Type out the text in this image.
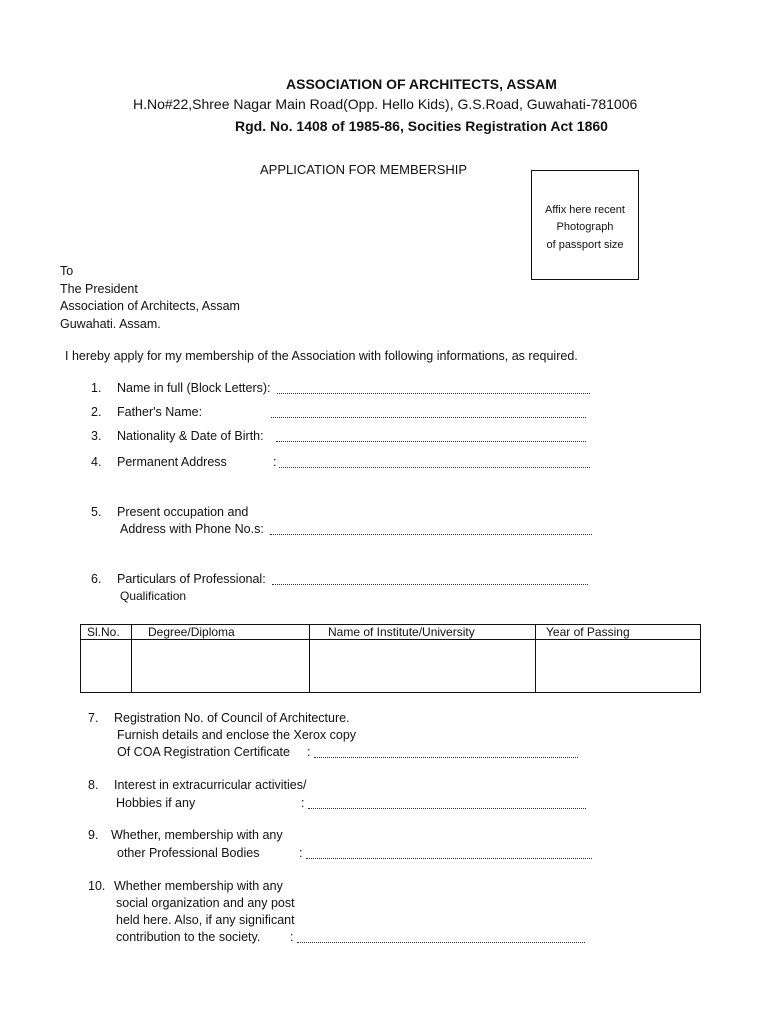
ASSOCIATION OF ARCHITECTS, ASSAM
H.No#22,Shree Nagar Main Road(Opp. Hello Kids), G.S.Road, Guwahati-781006
Rgd. No. 1408 of 1985-86, Socities Registration Act 1860
APPLICATION FOR MEMBERSHIP
Affix here recent
Photograph
of passport size
To
The President
Association of Architects, Assam
Guwahati. Assam.
I hereby apply for my membership of the Association with following informations, as required.
1. Name in full (Block Letters):
2. Father's Name:
3. Nationality & Date of Birth:
4. Permanent Address	:
5. Present occupation and
Address with Phone No.s:
6. Particulars of Professional:
Qualification
Sl.No.	Degree/Diploma	Name of Institute/University	Year of Passing

7. Registration No. of Council of Architecture.
Furnish details and enclose the Xerox copy
Of COA Registration Certificate :
8. Interest in extracurricular activities/
Hobbies if any	:
9. Whether, membership with any
other Professional Bodies	:
10. Whether membership with any
social organization and any post
held here. Also, if any significant
contribution to the society. :
